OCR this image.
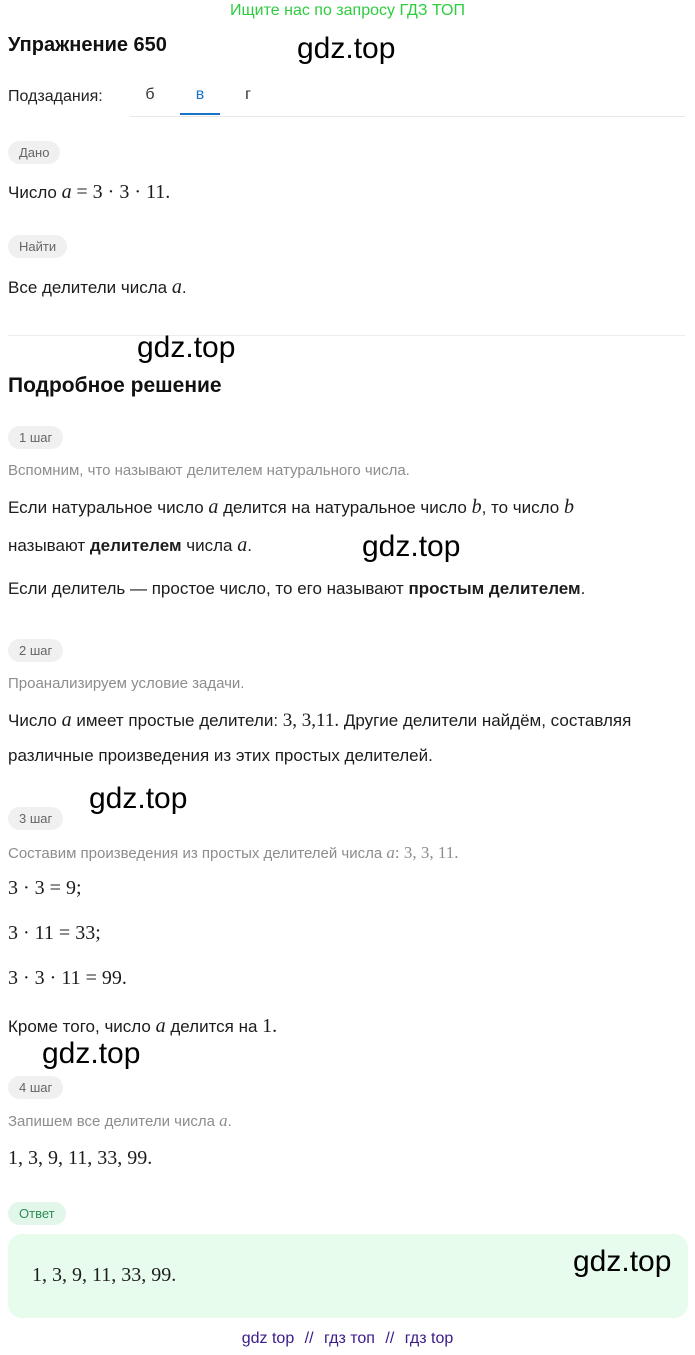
Ищите нас по запросу ГДЗ ТОП
Упражнение 650	gdz.top
Подзадания:	б	в	г
Дано
Число a = 3 · 3 · 11.
Найти
Все делители числа a.
gdz.top
Подробное решение
1 шаг
Вспомним, что называют делителем натурального числа.
Если натуральное число a делится на натуральное число b, то число b
называют делителем числа a.	gdz.top
Если делитель — простое число, то его называют простым делителем.
2 шаг
Проанализируем условие задачи.
Число a имеет простые делители: 3, 3,11. Другие делители найдём, составляя
различные произведения из этих простых делителей.
gdz.top
3 шаг
Составим произведения из простых делителей числа a: 3, 3, 11.
3 · 3 = 9;
3 · 11 = 33;
3 · 3 · 11 = 99.
Кроме того, число a делится на 1.
gdz.top
4 шаг
Запишем все делители числа a.
1, 3, 9, 11, 33, 99.
Ответ
1, 3, 9, 11, 33, 99.	gdz.top
gdz top // гдз топ // гдз top
